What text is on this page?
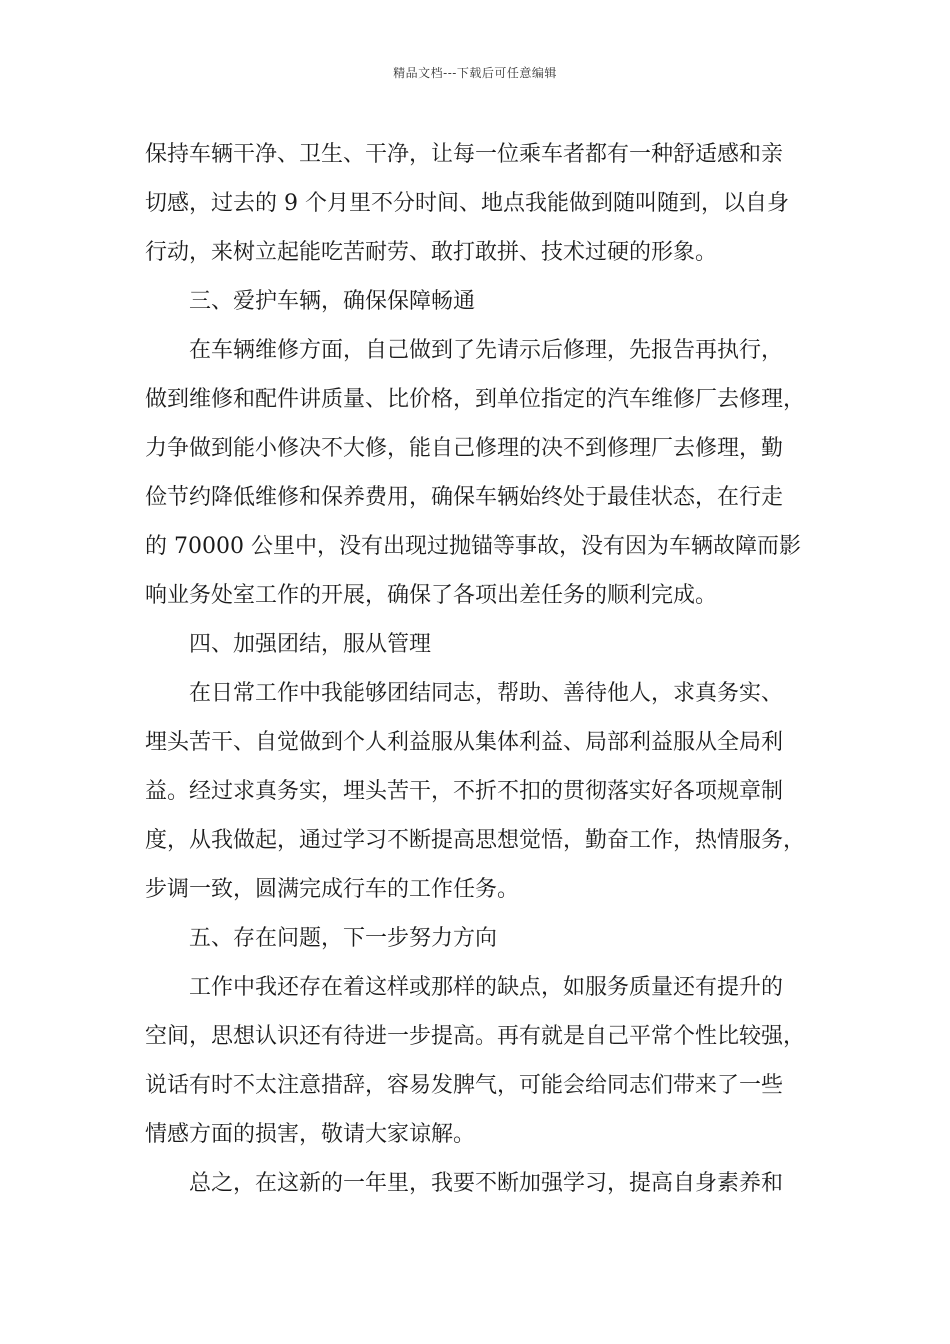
精品文档---下载后可任意编辑
保持车辆干净、卫生、干净，让每一位乘车者都有一种舒适感和亲
切感，过去的 9 个月里不分时间、地点我能做到随叫随到，以自身
行动，来树立起能吃苦耐劳、敢打敢拼、技术过硬的形象。
三、爱护车辆，确保保障畅通
在车辆维修方面，自己做到了先请示后修理，先报告再执行，
做到维修和配件讲质量、比价格，到单位指定的汽车维修厂去修理，
力争做到能小修决不大修，能自己修理的决不到修理厂去修理，勤
俭节约降低维修和保养费用，确保车辆始终处于最佳状态，在行走
的 70000 公里中，没有出现过抛锚等事故，没有因为车辆故障而影
响业务处室工作的开展，确保了各项出差任务的顺利完成。
四、加强团结，服从管理
在日常工作中我能够团结同志，帮助、善待他人，求真务实、
埋头苦干、自觉做到个人利益服从集体利益、局部利益服从全局利
益。经过求真务实，埋头苦干，不折不扣的贯彻落实好各项规章制
度，从我做起，通过学习不断提高思想觉悟，勤奋工作，热情服务，
步调一致，圆满完成行车的工作任务。
五、存在问题，下一步努力方向
工作中我还存在着这样或那样的缺点，如服务质量还有提升的
空间，思想认识还有待进一步提高。再有就是自己平常个性比较强，
说话有时不太注意措辞，容易发脾气，可能会给同志们带来了一些
情感方面的损害，敬请大家谅解。
总之，在这新的一年里，我要不断加强学习，提高自身素养和
